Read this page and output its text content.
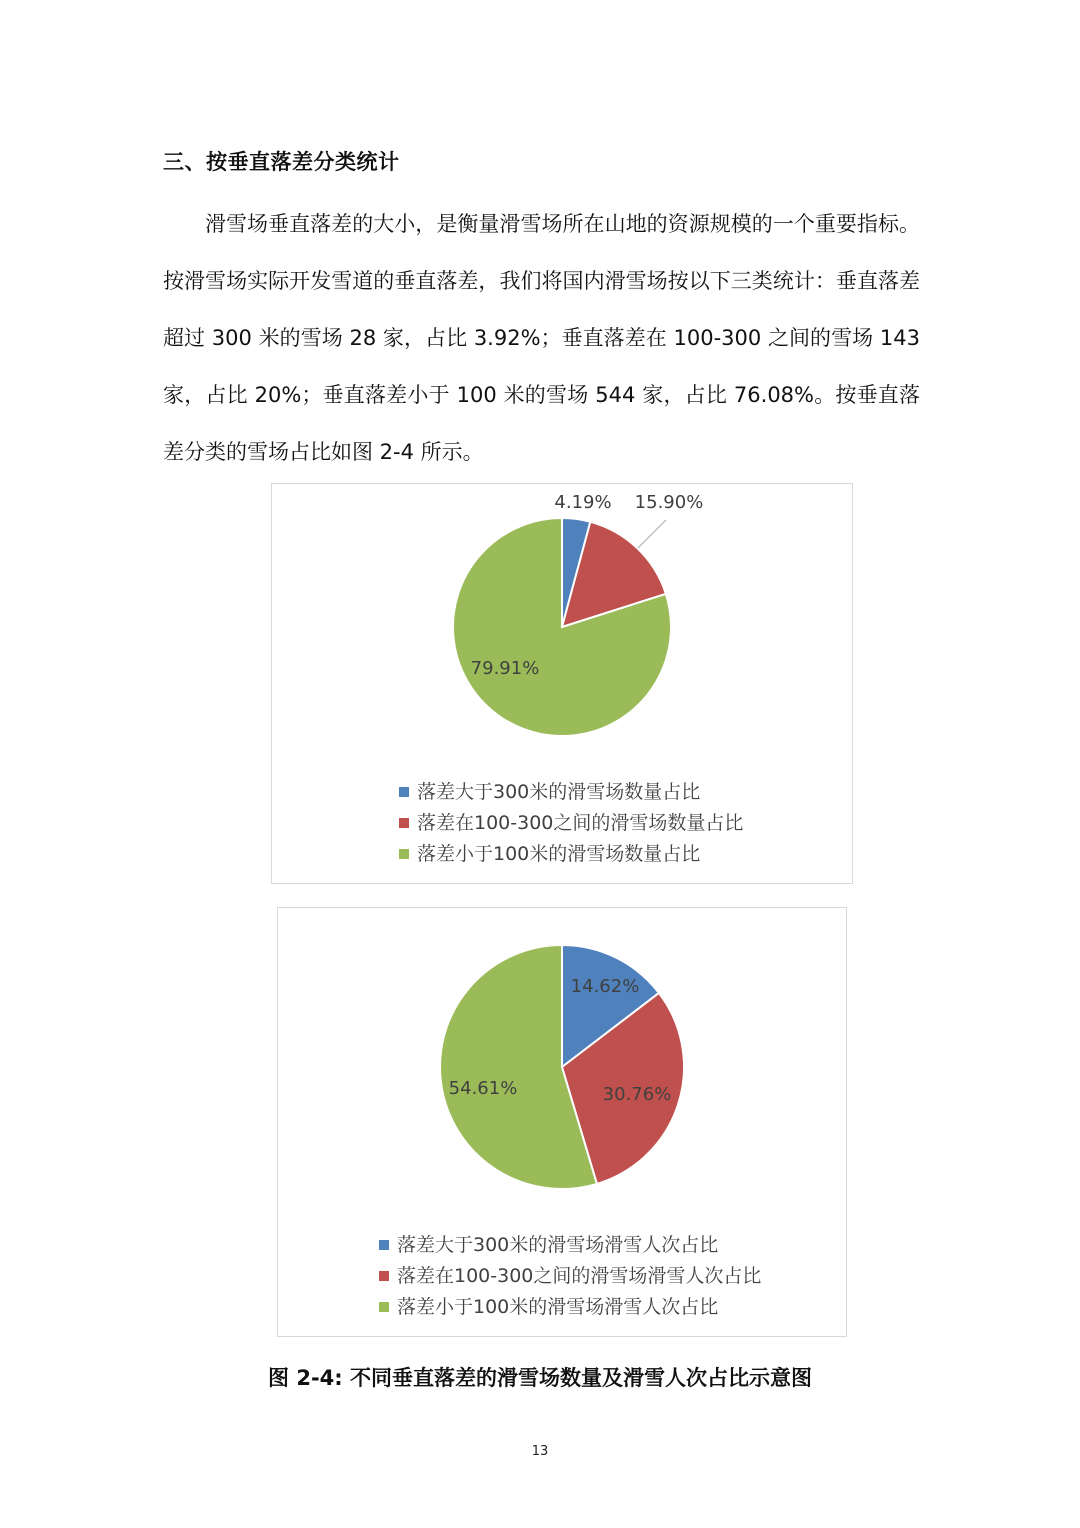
三、按垂直落差分类统计

滑雪场垂直落差的大小，是衡量滑雪场所在山地的资源规模的一个重要指标。按滑雪场实际开发雪道的垂直落差，我们将国内滑雪场按以下三类统计：垂直落差超过 300 米的雪场 28 家，占比 3.92%；垂直落差在 100-300 之间的雪场 143 家，占比 20%；垂直落差小于 100 米的雪场 544 家，占比 76.08%。按垂直落差分类的雪场占比如图 2-4 所示。

4.19% 15.90%
79.91%
落差大于300米的滑雪场数量占比
落差在100-300之间的滑雪场数量占比
落差小于100米的滑雪场数量占比
14.62%
30.76%
54.61%
落差大于300米的滑雪场滑雪人次占比
落差在100-300之间的滑雪场滑雪人次占比
落差小于100米的滑雪场滑雪人次占比
图 2-4: 不同垂直落差的滑雪场数量及滑雪人次占比示意图
13
